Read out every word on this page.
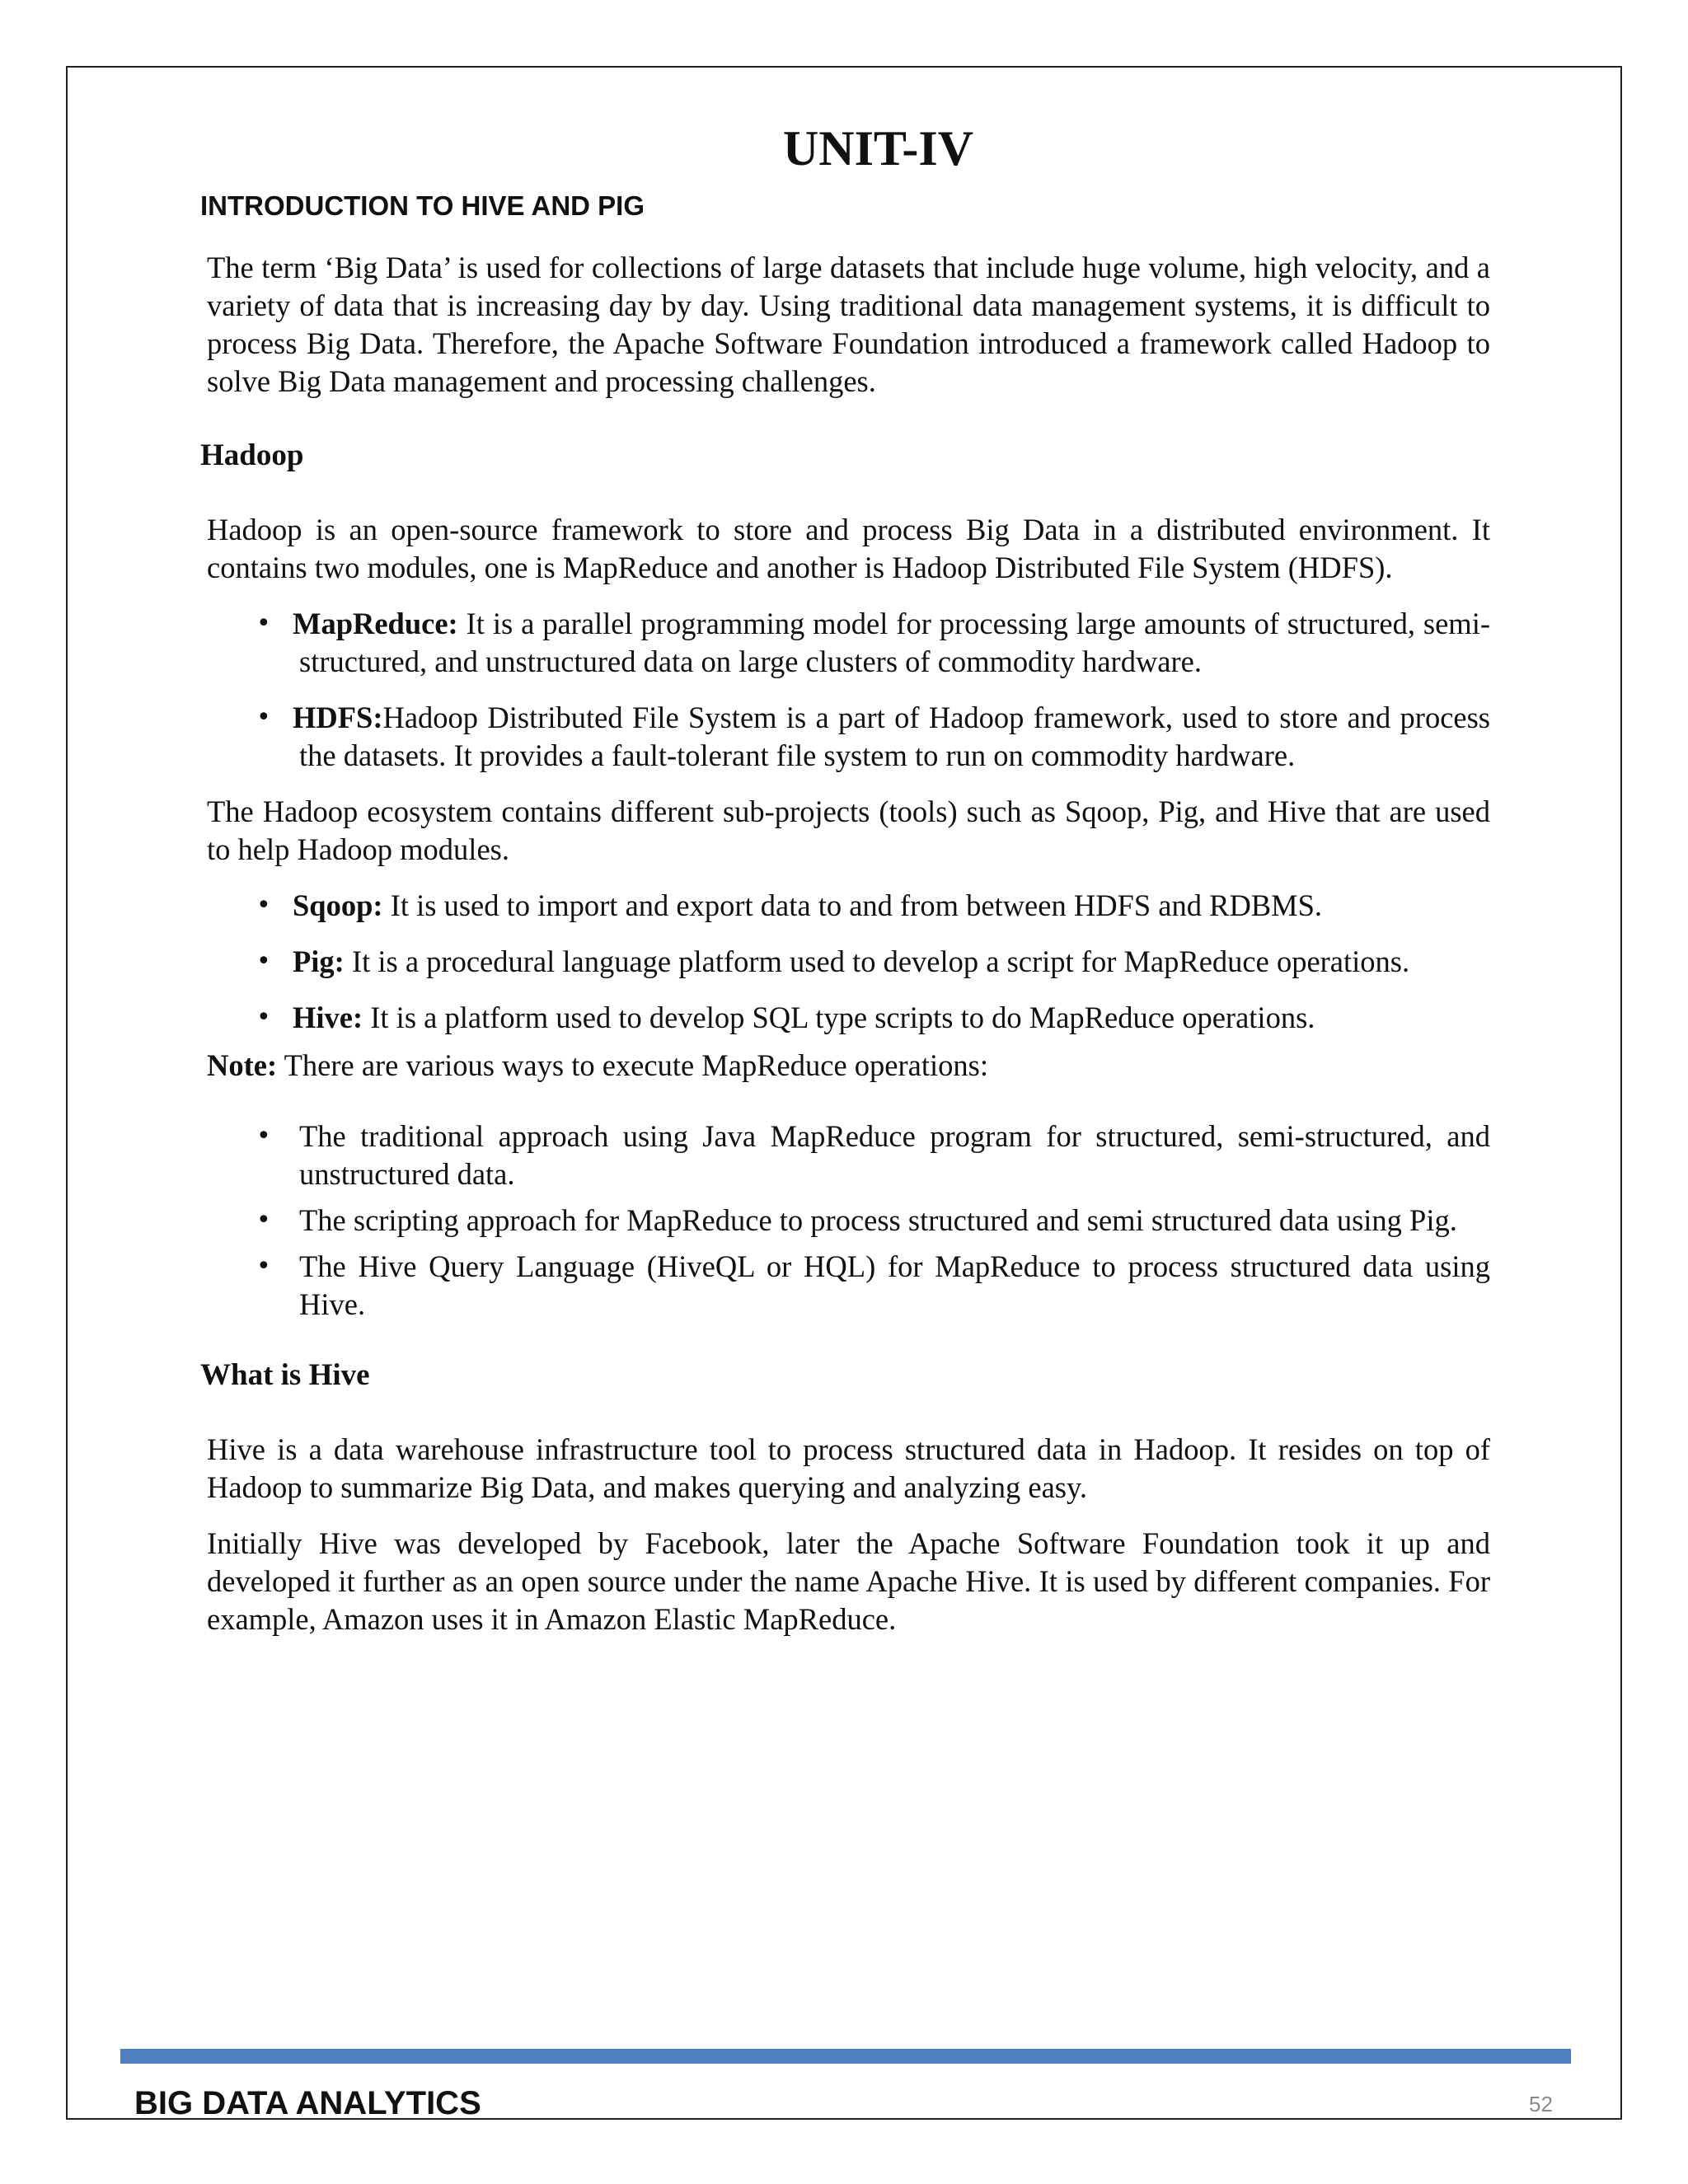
UNIT-IV
INTRODUCTION TO HIVE AND PIG

The term ‘Big Data’ is used for collections of large datasets that include huge volume, high velocity, and a variety of data that is increasing day by day. Using traditional data management systems, it is difficult to process Big Data. Therefore, the Apache Software Foundation introduced a framework called Hadoop to solve Big Data management and processing challenges.

Hadoop

Hadoop is an open-source framework to store and process Big Data in a distributed environment. It contains two modules, one is MapReduce and another is Hadoop Distributed File System (HDFS).

• MapReduce: It is a parallel programming model for processing large amounts of structured, semi-structured, and unstructured data on large clusters of commodity hardware.
• HDFS:Hadoop Distributed File System is a part of Hadoop framework, used to store and process the datasets. It provides a fault-tolerant file system to run on commodity hardware.

The Hadoop ecosystem contains different sub-projects (tools) such as Sqoop, Pig, and Hive that are used to help Hadoop modules.

• Sqoop: It is used to import and export data to and from between HDFS and RDBMS.
• Pig: It is a procedural language platform used to develop a script for MapReduce operations.
• Hive: It is a platform used to develop SQL type scripts to do MapReduce operations.

Note: There are various ways to execute MapReduce operations:

• The traditional approach using Java MapReduce program for structured, semi-structured, and unstructured data.
• The scripting approach for MapReduce to process structured and semi structured data using Pig.
• The Hive Query Language (HiveQL or HQL) for MapReduce to process structured data using Hive.
What is Hive

Hive is a data warehouse infrastructure tool to process structured data in Hadoop. It resides on top of Hadoop to summarize Big Data, and makes querying and analyzing easy.

Initially Hive was developed by Facebook, later the Apache Software Foundation took it up and developed it further as an open source under the name Apache Hive. It is used by different companies. For example, Amazon uses it in Amazon Elastic MapReduce.

BIG DATA ANALYTICS	52
